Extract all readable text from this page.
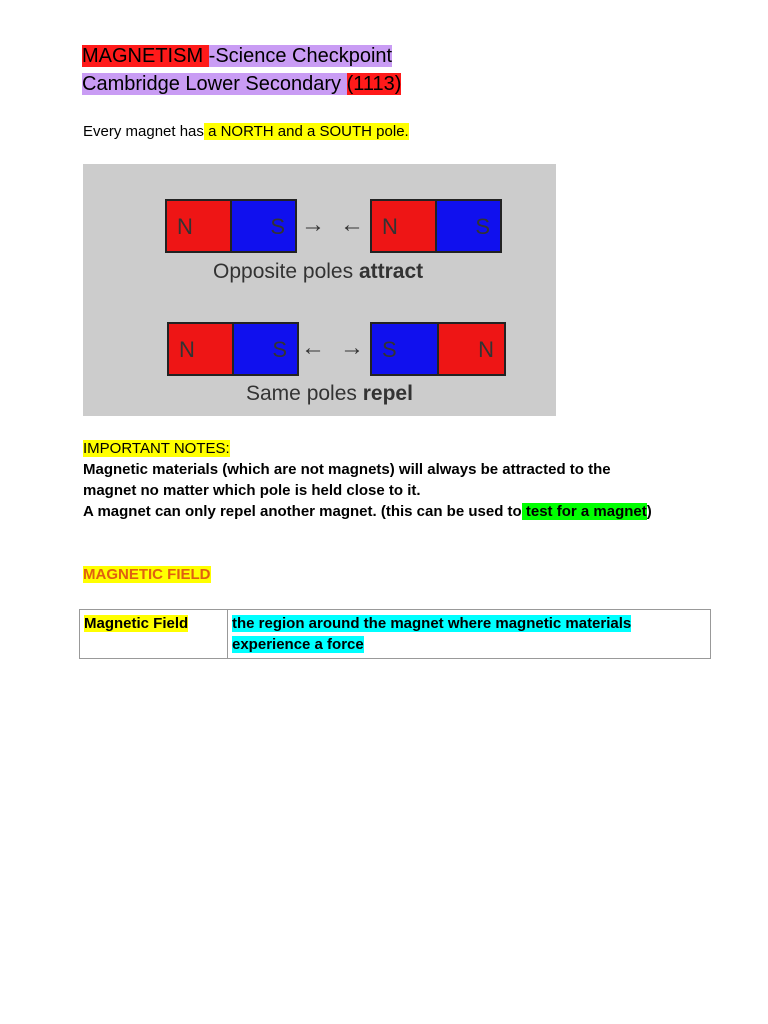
MAGNETISM -Science Checkpoint
Cambridge Lower Secondary (1113)
Every magnet has a NORTH and a SOUTH pole.
N	S → ← N	S
Opposite poles attract
N	S ← → S	N
Same poles repel
IMPORTANT NOTES:
Magnetic materials (which are not magnets) will always be attracted to the
magnet no matter which pole is held close to it.
A magnet can only repel another magnet. (this can be used to test for a magnet)
MAGNETIC FIELD
Magnetic Field	the region around the magnet where magnetic materials
experience a force
